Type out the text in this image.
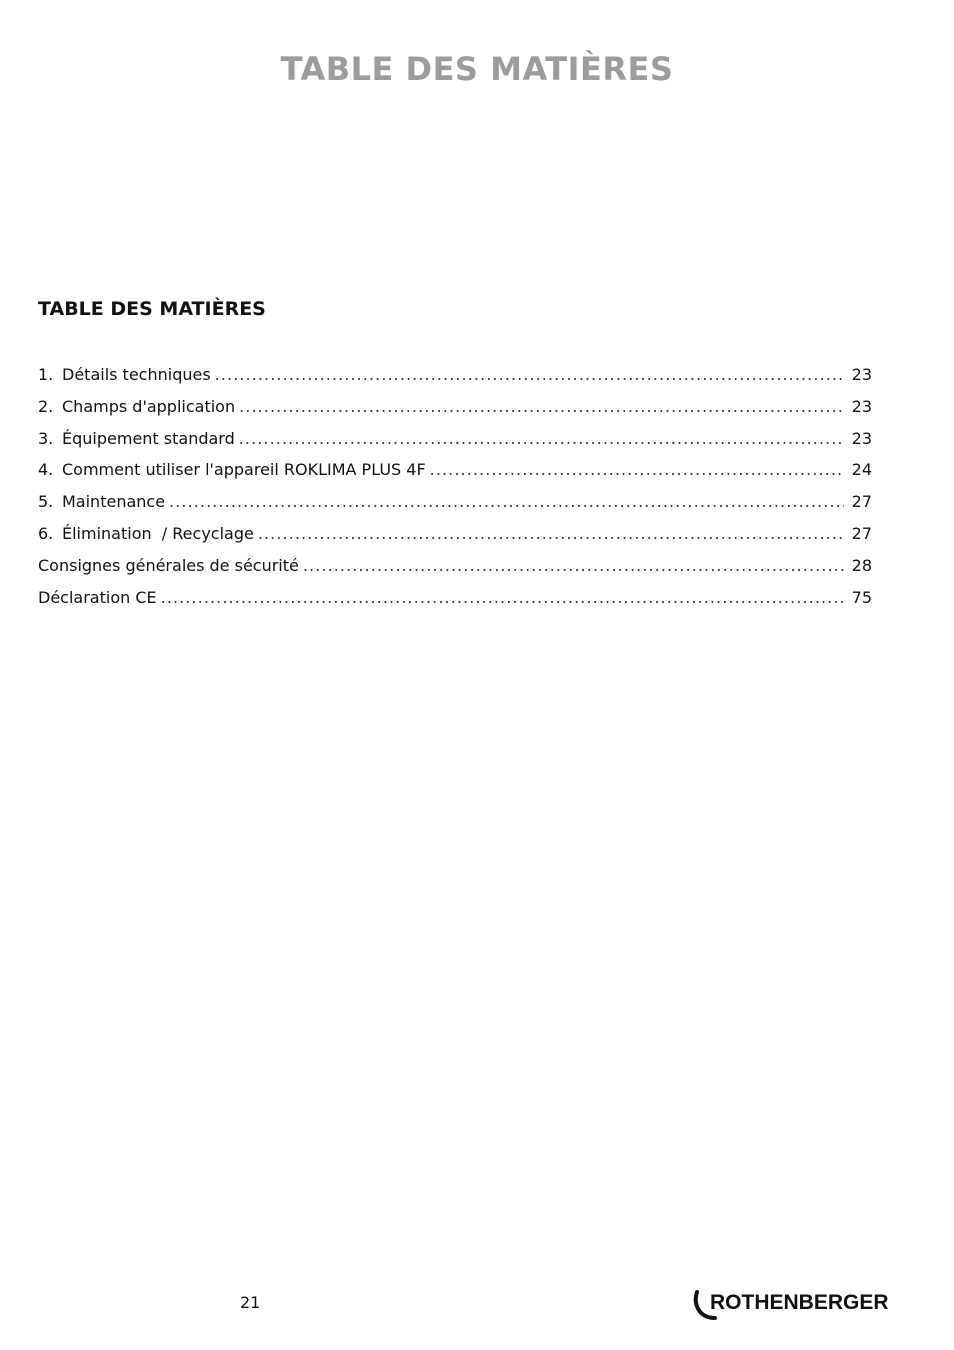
TABLE DES MATIÈRES
TABLE DES MATIÈRES
1. Détails techniques . . .	23
2. Champs d'application . . .	23
3. Équipement standard . . .	23
4. Comment utiliser l'appareil ROKLIMA PLUS 4F . . .	24
5. Maintenance . . .	27
6. Élimination  / Recyclage . . .	27
Consignes générales de sécurité . . .	28
Déclaration CE . . .	75
21	ROTHENBERGER
